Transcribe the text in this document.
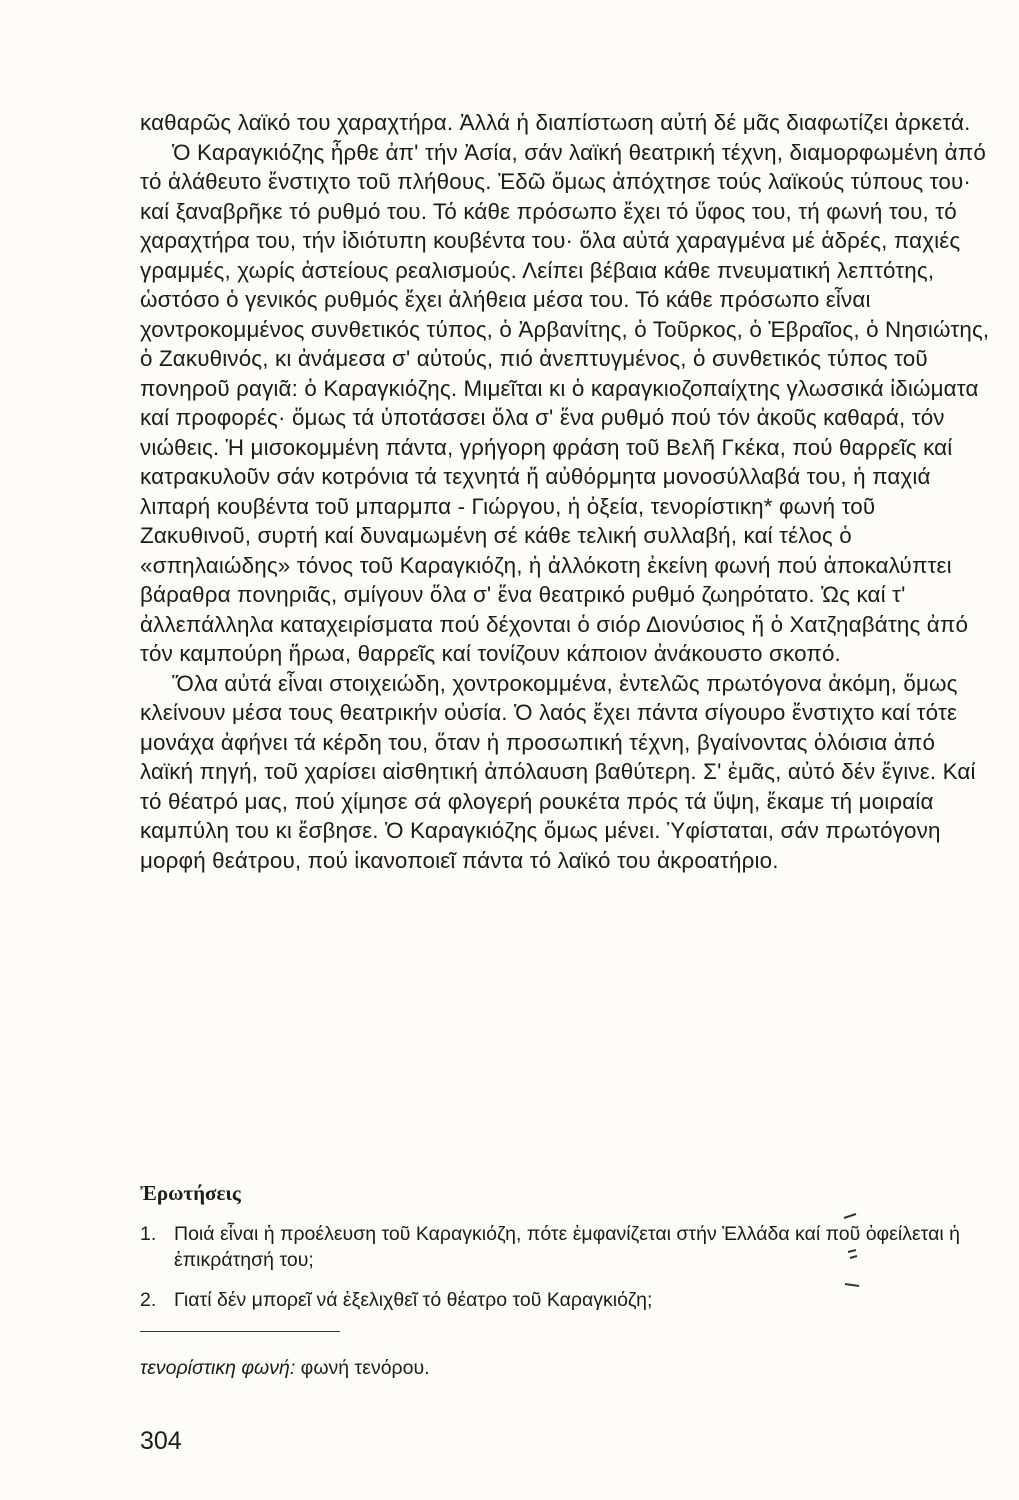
καθαρῶς λαϊκό του χαραχτήρα. Ἀλλά ἡ διαπίστωση αὐτή δέ μᾶς διαφωτίζει ἀρκετά.

Ὁ Καραγκιόζης ἦρθε ἀπ' τήν Ἀσία, σάν λαϊκή θεατρική τέχνη, διαμορφωμένη ἀπό τό ἀλάθευτο ἔνστιχτο τοῦ πλήθους. Ἐδῶ ὅμως ἀπόχτησε τούς λαϊκούς τύπους του· καί ξαναβρῆκε τό ρυθμό του. Τό κάθε πρόσωπο ἔχει τό ὕφος του, τή φωνή του, τό χαραχτήρα του, τήν ἰδιότυπη κουβέντα του· ὅλα αὐτά χαραγμένα μέ ἁδρές, παχιές γραμμές, χωρίς ἀστείους ρεαλισμούς. Λείπει βέβαια κάθε πνευματική λεπτότης, ὡστόσο ὁ γενικός ρυθμός ἔχει ἀλήθεια μέσα του. Τό κάθε πρόσωπο εἶναι χοντροκομμένος συνθετικός τύπος, ὁ Ἀρβανίτης, ὁ Τοῦρκος, ὁ Ἑβραῖος, ὁ Νησιώτης, ὁ Ζακυθινός, κι ἀνάμεσα σ' αὐτούς, πιό ἀνεπτυγμένος, ὁ συνθετικός τύπος τοῦ πονηροῦ ραγιᾶ: ὁ Καραγκιόζης. Μιμεῖται κι ὁ καραγκιοζοπαίχτης γλωσσικά ἰδιώματα καί προφορές· ὅμως τά ὑποτάσσει ὅλα σ' ἕνα ρυθμό πού τόν ἀκοῦς καθαρά, τόν νιώθεις. Ἡ μισοκομμένη πάντα, γρήγορη φράση τοῦ Βελῆ Γκέκα, πού θαρρεῖς καί κατρακυλοῦν σάν κοτρόνια τά τεχνητά ἤ αὐθόρμητα μονοσύλλαβά του, ἡ παχιά λιπαρή κουβέντα τοῦ μπαρμπα - Γιώργου, ἡ ὀξεία, τενορίστικη* φωνή τοῦ Ζακυθινοῦ, συρτή καί δυναμωμένη σέ κάθε τελική συλλαβή, καί τέλος ὁ «σπηλαιώδης» τόνος τοῦ Καραγκιόζη, ἡ ἀλλόκοτη ἐκείνη φωνή πού ἀποκαλύπτει βάραθρα πονηριᾶς, σμίγουν ὅλα σ' ἕνα θεατρικό ρυθμό ζωηρότατο. Ὡς καί τ' ἀλλεπάλληλα καταχειρίσματα πού δέχονται ὁ σιόρ Διονύσιος ἤ ὁ Χατζηαβάτης ἀπό τόν καμπούρη ἥρωα, θαρρεῖς καί τονίζουν κάποιον ἀνάκουστο σκοπό.

Ὅλα αὐτά εἶναι στοιχειώδη, χοντροκομμένα, ἐντελῶς πρωτόγονα ἀκόμη, ὅμως κλείνουν μέσα τους θεατρικήν οὐσία. Ὁ λαός ἔχει πάντα σίγουρο ἔνστιχτο καί τότε μονάχα ἀφήνει τά κέρδη του, ὅταν ἡ προσωπική τέχνη, βγαίνοντας ὁλόισια ἀπό λαϊκή πηγή, τοῦ χαρίσει αἰσθητική ἀπόλαυση βαθύτερη. Σ' ἐμᾶς, αὐτό δέν ἔγινε. Καί τό θέατρό μας, πού χίμησε σά φλογερή ρουκέτα πρός τά ὕψη, ἔκαμε τή μοιραία καμπύλη του κι ἔσβησε. Ὁ Καραγκιόζης ὅμως μένει. Ὑφίσταται, σάν πρωτόγονη μορφή θεάτρου, πού ἱκανοποιεῖ πάντα τό λαϊκό του ἀκροατήριο.

Ἐρωτήσεις
1. Ποιά εἶναι ἡ προέλευση τοῦ Καραγκιόζη, πότε ἐμφανίζεται στήν Ἑλλάδα καί ποῦ ὀφείλεται ἡ ἐπικράτησή του;
2. Γιατί δέν μπορεῖ νά ἐξελιχθεῖ τό θέατρο τοῦ Καραγκιόζη;

τενορίστικη φωνή: φωνή τενόρου.

304
